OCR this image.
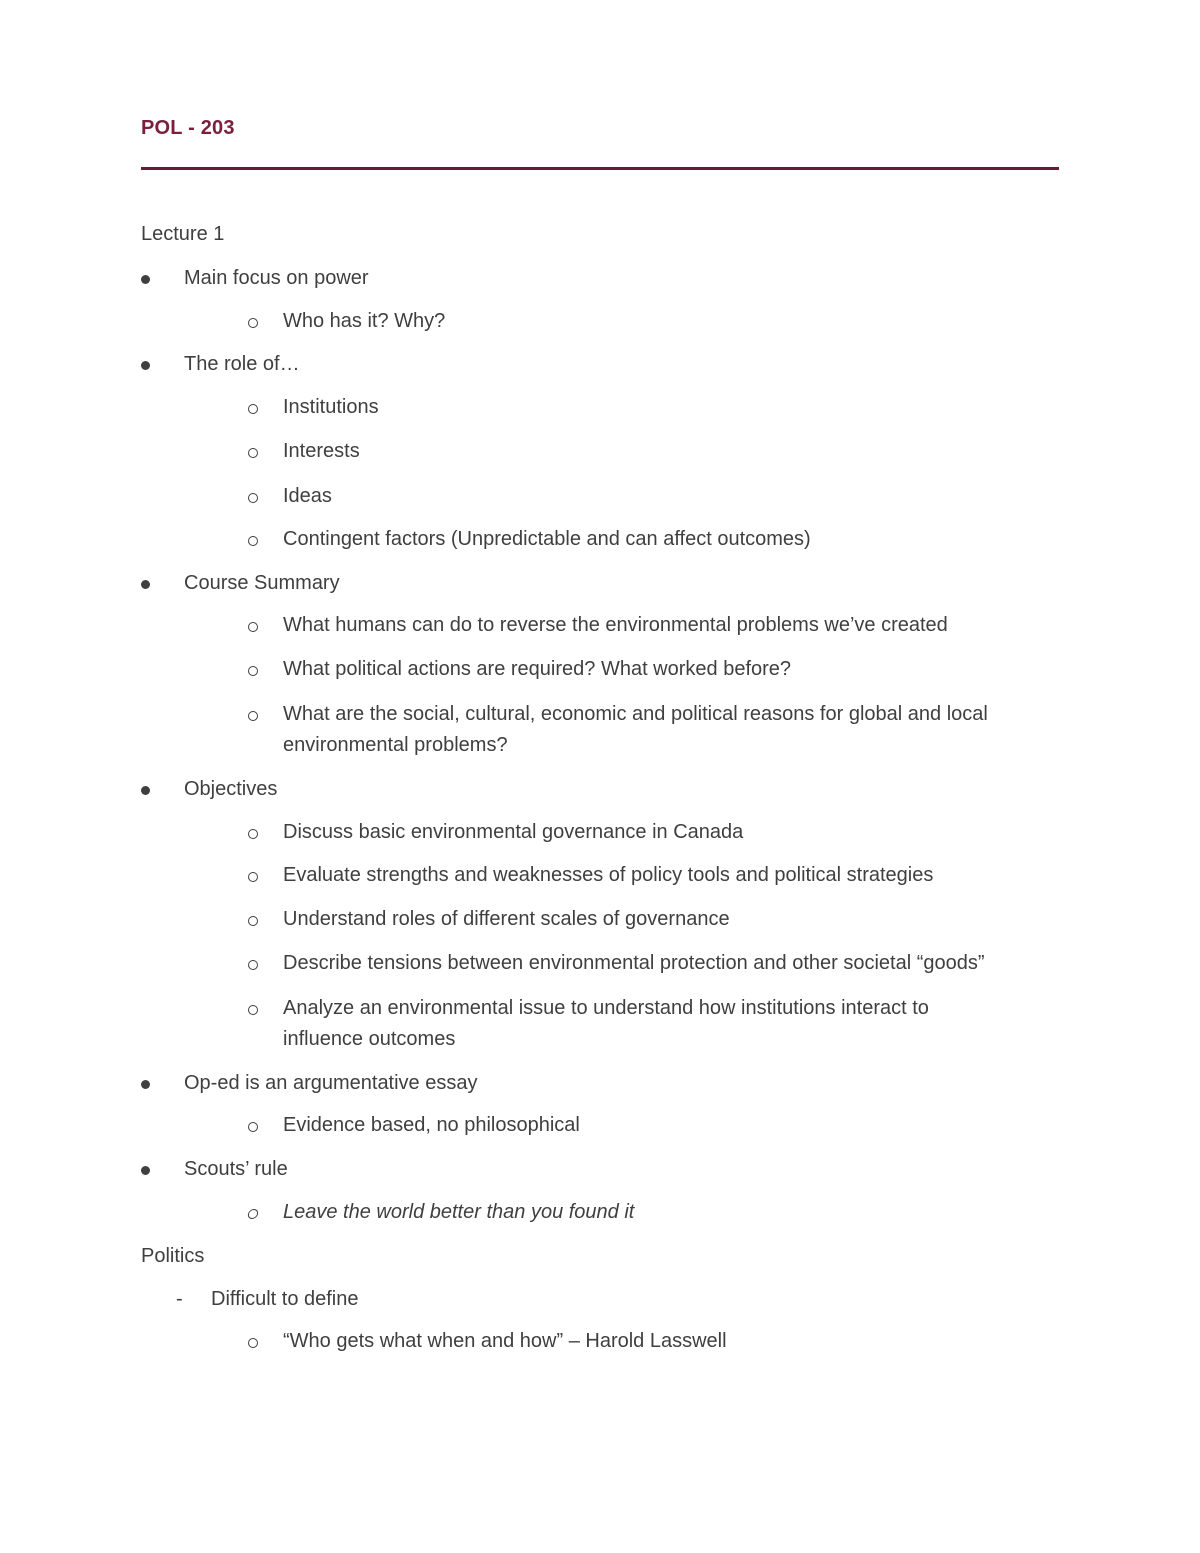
POL - 203
Lecture 1
Main focus on power
Who has it? Why?
The role of…
Institutions
Interests
Ideas
Contingent factors (Unpredictable and can affect outcomes)
Course Summary
What humans can do to reverse the environmental problems we’ve created
What political actions are required? What worked before?
What are the social, cultural, economic and political reasons for global and local
environmental problems?
Objectives
Discuss basic environmental governance in Canada
Evaluate strengths and weaknesses of policy tools and political strategies
Understand roles of different scales of governance
Describe tensions between environmental protection and other societal “goods”
Analyze an environmental issue to understand how institutions interact to
influence outcomes
Op-ed is an argumentative essay
Evidence based, no philosophical
Scouts’ rule
Leave the world better than you found it
Politics
- Difficult to define
“Who gets what when and how” – Harold Lasswell
